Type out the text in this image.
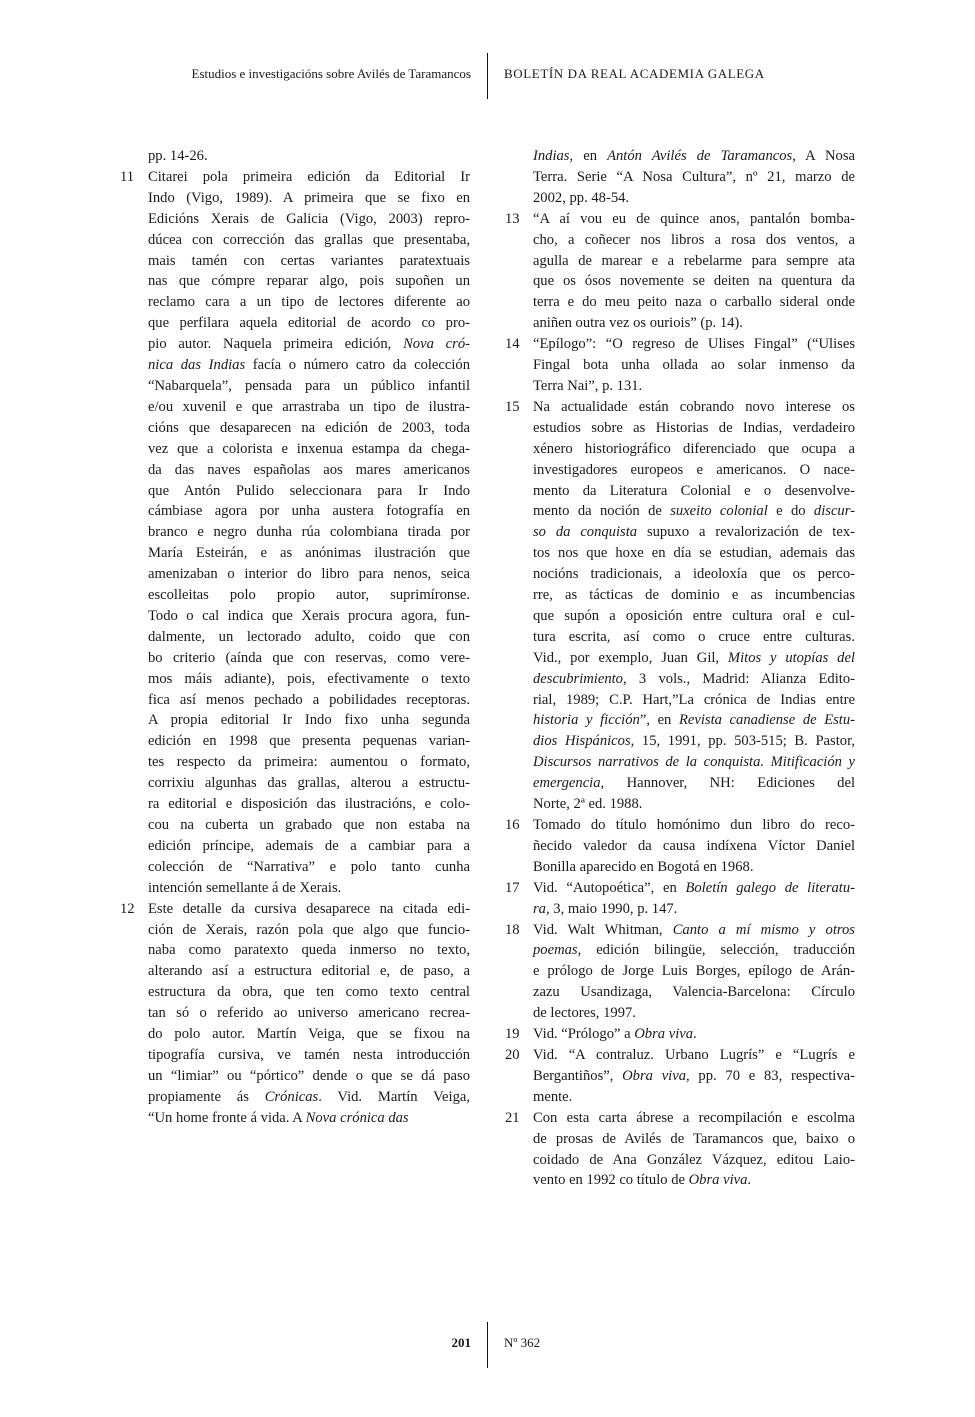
Estudios e investigacións sobre Avilés de Taramancos	BOLETÍN DA REAL ACADEMIA GALEGA
pp. 14-26.
11 Citarei pola primeira edición da Editorial Ir
Indo (Vigo, 1989). A primeira que se fixo en
Edicións Xerais de Galicia (Vigo, 2003) repro-
dúcea con corrección das grallas que presentaba,
mais tamén con certas variantes paratextuais
nas que cómpre reparar algo, pois supoñen un
reclamo cara a un tipo de lectores diferente ao
que perfilara aquela editorial de acordo co pro-
pio autor. Naquela primeira edición, Nova cró-
nica das Indias facía o número catro da colección
“Nabarquela”, pensada para un público infantil
e/ou xuvenil e que arrastraba un tipo de ilustra-
cións que desaparecen na edición de 2003, toda
vez que a colorista e inxenua estampa da chega-
da das naves españolas aos mares americanos
que Antón Pulido seleccionara para Ir Indo
cámbiase agora por unha austera fotografía en
branco e negro dunha rúa colombiana tirada por
María Esteirán, e as anónimas ilustración que
amenizaban o interior do libro para nenos, seica
escolleitas polo propio autor, suprimíronse.
Todo o cal indica que Xerais procura agora, fun-
dalmente, un lectorado adulto, coido que con
bo criterio (aínda que con reservas, como vere-
mos máis adiante), pois, efectivamente o texto
fica así menos pechado a pobilidades receptoras.
A propia editorial Ir Indo fixo unha segunda
edición en 1998 que presenta pequenas varian-
tes respecto da primeira: aumentou o formato,
corrixiu algunhas das grallas, alterou a estructu-
ra editorial e disposición das ilustracións, e colo-
cou na cuberta un grabado que non estaba na
edición príncipe, ademais de a cambiar para a
colección de “Narrativa” e polo tanto cunha
intención semellante á de Xerais.
12 Este detalle da cursiva desaparece na citada edi-
ción de Xerais, razón pola que algo que funcio-
naba como paratexto queda inmerso no texto,
alterando así a estructura editorial e, de paso, a
estructura da obra, que ten como texto central
tan só o referido ao universo americano recrea-
do polo autor. Martín Veiga, que se fixou na
tipografía cursiva, ve tamén nesta introducción
un “limiar” ou “pórtico” dende o que se dá paso
propiamente ás Crónicas. Vid. Martín Veiga,
“Un home fronte á vida. A Nova crónica das
Indias, en Antón Avilés de Taramancos, A Nosa
Terra. Serie “A Nosa Cultura”, nº 21, marzo de
2002, pp. 48-54.
13 “A aí vou eu de quince anos, pantalón bomba-
cho, a coñecer nos libros a rosa dos ventos, a
agulla de marear e a rebelarme para sempre ata
que os ósos novemente se deiten na quentura da
terra e do meu peito naza o carballo sideral onde
aniñen outra vez os ouriois” (p. 14).
14 “Epílogo”: “O regreso de Ulises Fingal” (“Ulises
Fingal bota unha ollada ao solar inmenso da
Terra Nai”, p. 131.
15 Na actualidade están cobrando novo interese os
estudios sobre as Historias de Indias, verdadeiro
xénero historiográfico diferenciado que ocupa a
investigadores europeos e americanos. O nace-
mento da Literatura Colonial e o desenvolve-
mento da noción de suxeito colonial e do discur-
so da conquista supuxo a revalorización de tex-
tos nos que hoxe en día se estudian, ademais das
nocións tradicionais, a ideoloxía que os perco-
rre, as tácticas de dominio e as incumbencias
que supón a oposición entre cultura oral e cul-
tura escrita, así como o cruce entre culturas.
Vid., por exemplo, Juan Gil, Mitos y utopías del
descubrimiento, 3 vols., Madrid: Alianza Edito-
rial, 1989; C.P. Hart,”La crónica de Indias entre
historia y ficción”, en Revista canadiense de Estu-
dios Hispánicos, 15, 1991, pp. 503-515; B. Pastor,
Discursos narrativos de la conquista. Mitificación y
emergencia, Hannover, NH: Ediciones del
Norte, 2ª ed. 1988.
16 Tomado do título homónimo dun libro do reco-
ñecido valedor da causa indíxena Víctor Daniel
Bonilla aparecido en Bogotá en 1968.
17 Vid. “Autopoética”, en Boletín galego de literatu-
ra, 3, maio 1990, p. 147.
18 Vid. Walt Whitman, Canto a mí mismo y otros
poemas, edición bilingüe, selección, traducción
e prólogo de Jorge Luis Borges, epílogo de Arán-
zazu Usandizaga, Valencia-Barcelona: Círculo
de lectores, 1997.
19 Vid. “Prólogo” a Obra viva.
20 Vid. “A contraluz. Urbano Lugrís” e “Lugrís e
Bergantiños”, Obra viva, pp. 70 e 83, respectiva-
mente.
21 Con esta carta ábrese a recompilación e escolma
de prosas de Avilés de Taramancos que, baixo o
coidado de Ana González Vázquez, editou Laio-
vento en 1992 co título de Obra viva.
201	Nº 362
